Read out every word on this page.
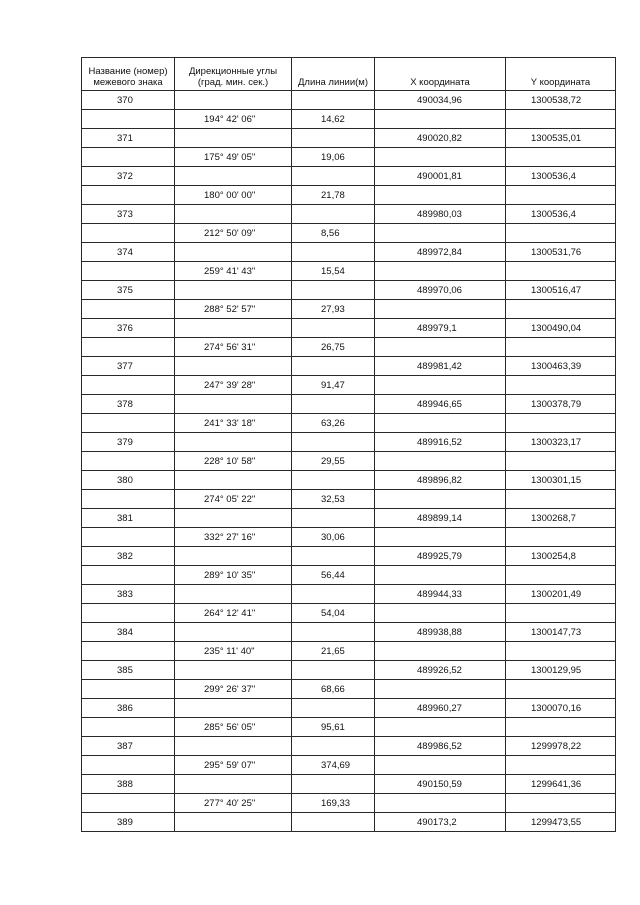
Название (номер) межевого знака	Дирекционные углы (град. мин. сек.)	Длина линии(м)	X координата	Y координата
370			490034,96	1300538,72
	194° 42' 06"	14,62		
371			490020,82	1300535,01
	175° 49' 05"	19,06		
372			490001,81	1300536,4
	180° 00' 00"	21,78		
373			489980,03	1300536,4
	212° 50' 09"	8,56		
374			489972,84	1300531,76
	259° 41' 43"	15,54		
375			489970,06	1300516,47
	288° 52' 57"	27,93		
376			489979,1	1300490,04
	274° 56' 31"	26,75		
377			489981,42	1300463,39
	247° 39' 28"	91,47		
378			489946,65	1300378,79
	241° 33' 18"	63,26		
379			489916,52	1300323,17
	228° 10' 58"	29,55		
380			489896,82	1300301,15
	274° 05' 22"	32,53		
381			489899,14	1300268,7
	332° 27' 16"	30,06		
382			489925,79	1300254,8
	289° 10' 35"	56,44		
383			489944,33	1300201,49
	264° 12' 41"	54,04		
384			489938,88	1300147,73
	235° 11' 40"	21,65		
385			489926,52	1300129,95
	299° 26' 37"	68,66		
386			489960,27	1300070,16
	285° 56' 05"	95,61		
387			489986,52	1299978,22
	295° 59' 07"	374,69		
388			490150,59	1299641,36
	277° 40' 25"	169,33		
389			490173,2	1299473,55
